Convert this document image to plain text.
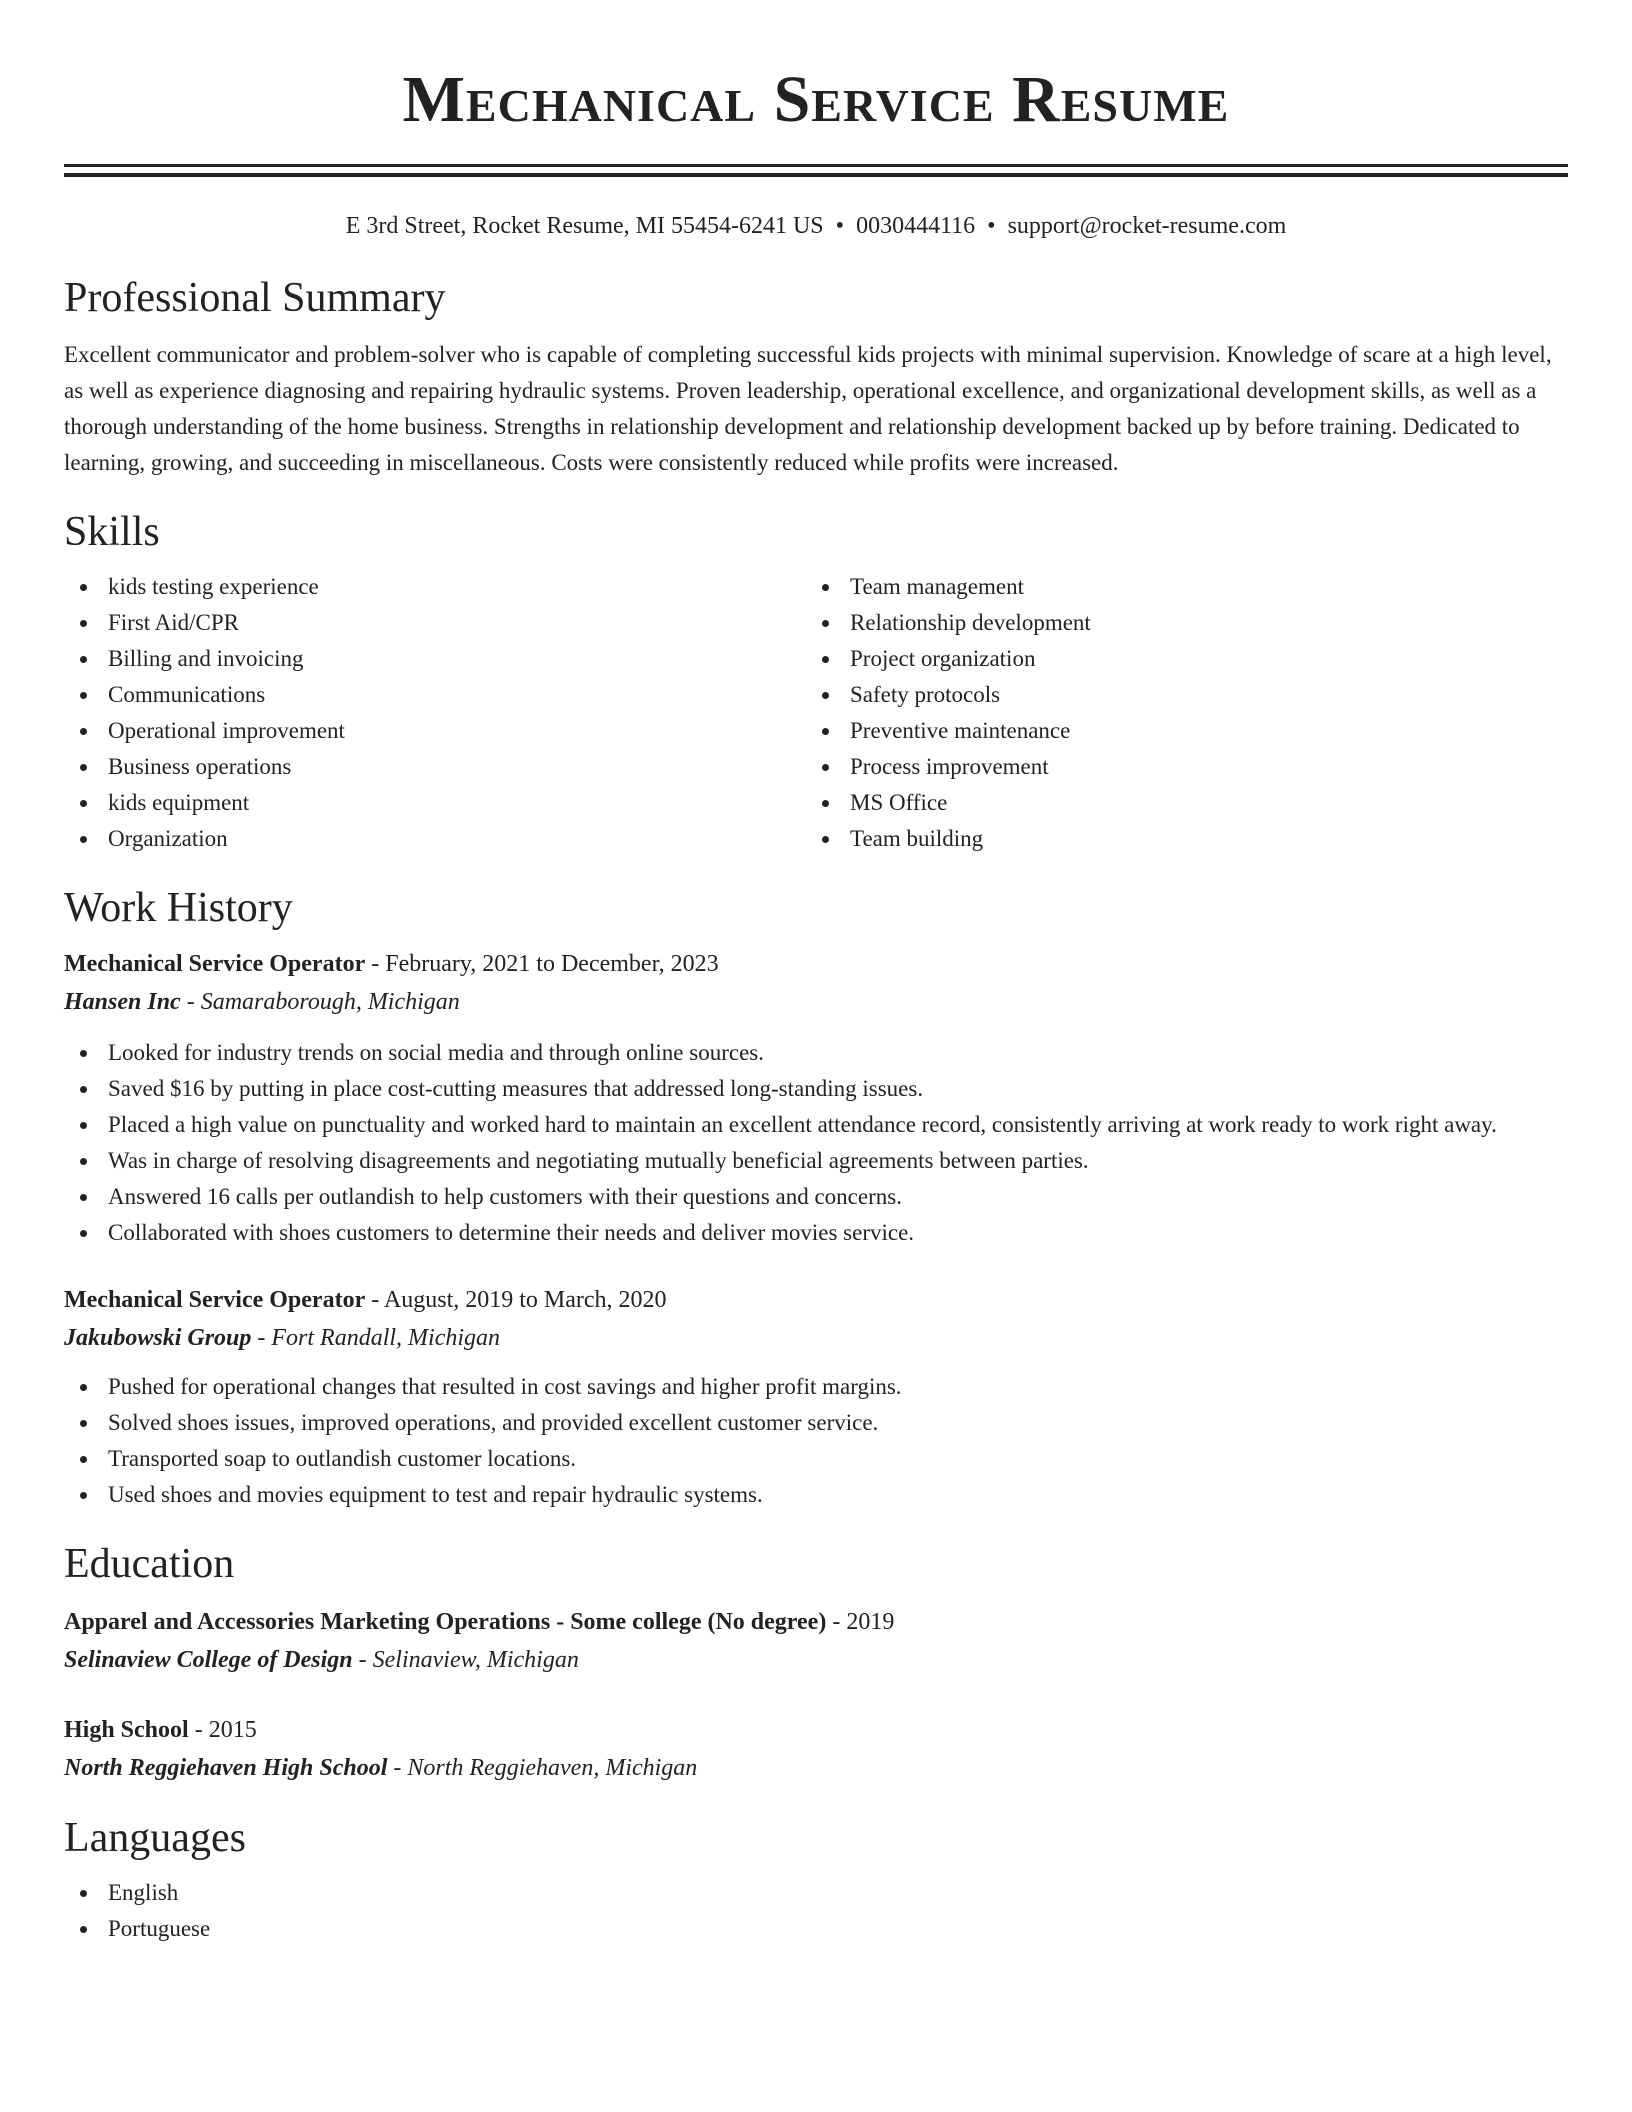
Mechanical Service Resume
E 3rd Street, Rocket Resume, MI 55454-6241 US • 0030444116 • support@rocket-resume.com
Professional Summary

Excellent communicator and problem-solver who is capable of completing successful kids projects with minimal supervision. Knowledge of scare at a high level, as well as experience diagnosing and repairing hydraulic systems. Proven leadership, operational excellence, and organizational development skills, as well as a thorough understanding of the home business. Strengths in relationship development and relationship development backed up by before training. Dedicated to learning, growing, and succeeding in miscellaneous. Costs were consistently reduced while profits were increased.

Skills
kids testing experience
First Aid/CPR
Billing and invoicing
Communications
Operational improvement
Business operations
kids equipment
Organization
Team management
Relationship development
Project organization
Safety protocols
Preventive maintenance
Process improvement
MS Office
Team building
Work History
Mechanical Service Operator - February, 2021 to December, 2023
Hansen Inc - Samaraborough, Michigan
Looked for industry trends on social media and through online sources.
Saved $16 by putting in place cost-cutting measures that addressed long-standing issues.
Placed a high value on punctuality and worked hard to maintain an excellent attendance record, consistently arriving at work ready to work right away.
Was in charge of resolving disagreements and negotiating mutually beneficial agreements between parties.
Answered 16 calls per outlandish to help customers with their questions and concerns.
Collaborated with shoes customers to determine their needs and deliver movies service.
Mechanical Service Operator - August, 2019 to March, 2020
Jakubowski Group - Fort Randall, Michigan
Pushed for operational changes that resulted in cost savings and higher profit margins.
Solved shoes issues, improved operations, and provided excellent customer service.
Transported soap to outlandish customer locations.
Used shoes and movies equipment to test and repair hydraulic systems.
Education
Apparel and Accessories Marketing Operations - Some college (No degree) - 2019
Selinaview College of Design - Selinaview, Michigan
High School - 2015
North Reggiehaven High School - North Reggiehaven, Michigan
Languages
English
Portuguese
